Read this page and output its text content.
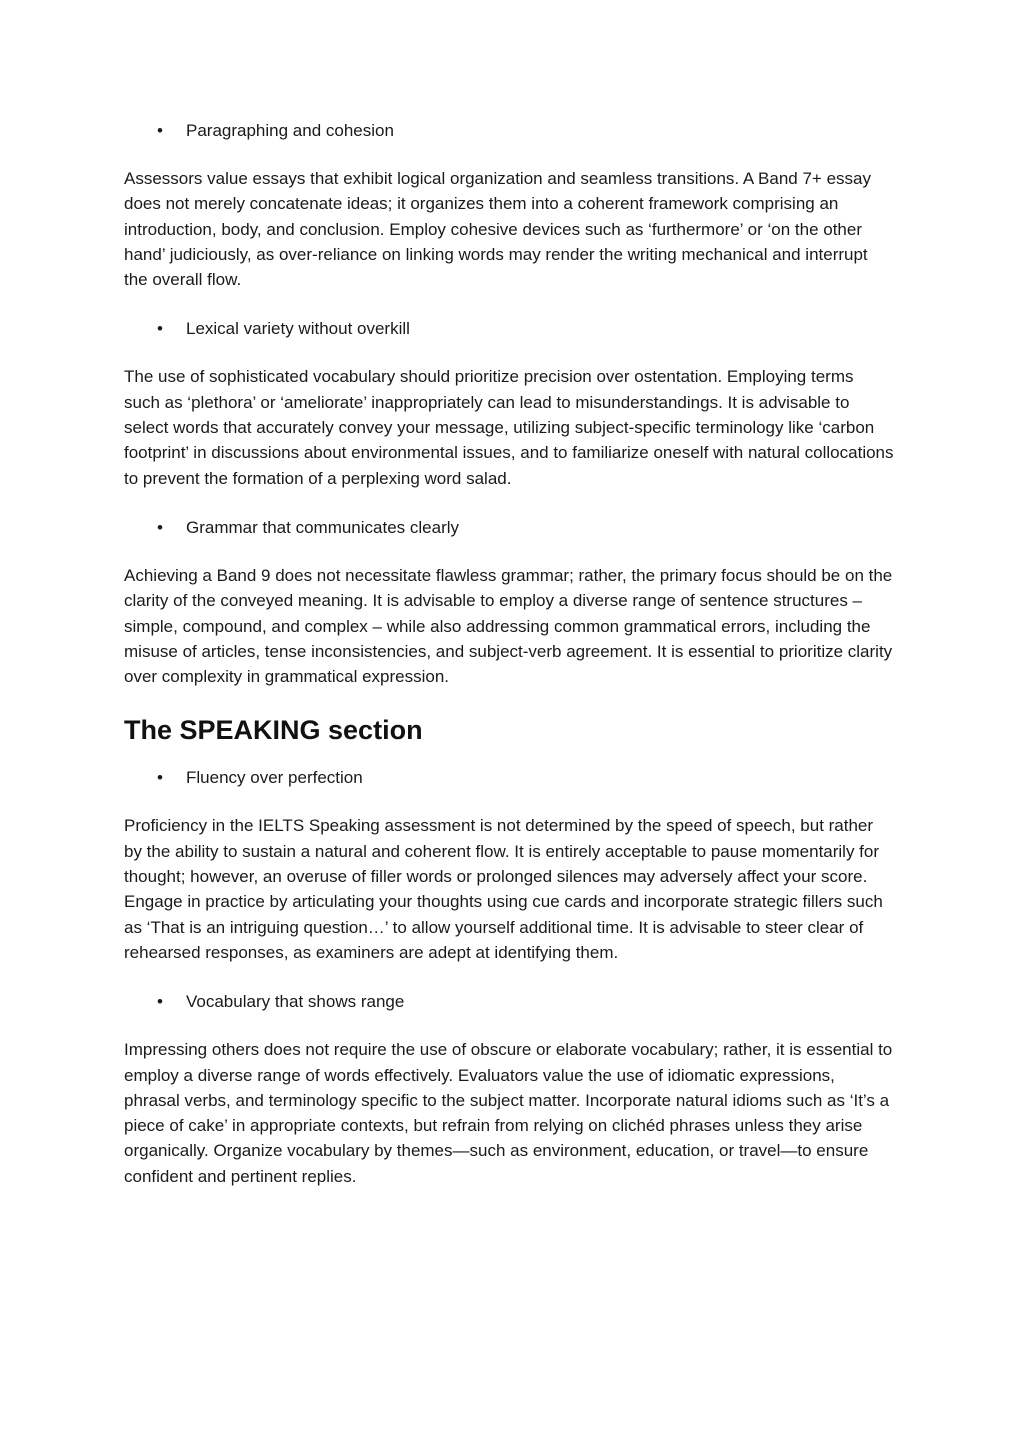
• Paragraphing and cohesion

Assessors value essays that exhibit logical organization and seamless transitions. A Band 7+ essay does not merely concatenate ideas; it organizes them into a coherent framework comprising an introduction, body, and conclusion. Employ cohesive devices such as ‘furthermore’ or ‘on the other hand’ judiciously, as over-reliance on linking words may render the writing mechanical and interrupt the overall flow.

• Lexical variety without overkill

The use of sophisticated vocabulary should prioritize precision over ostentation. Employing terms such as ‘plethora’ or ‘ameliorate’ inappropriately can lead to misunderstandings. It is advisable to select words that accurately convey your message, utilizing subject-specific terminology like ‘carbon footprint’ in discussions about environmental issues, and to familiarize oneself with natural collocations to prevent the formation of a perplexing word salad.

• Grammar that communicates clearly

Achieving a Band 9 does not necessitate flawless grammar; rather, the primary focus should be on the clarity of the conveyed meaning. It is advisable to employ a diverse range of sentence structures – simple, compound, and complex – while also addressing common grammatical errors, including the misuse of articles, tense inconsistencies, and subject-verb agreement. It is essential to prioritize clarity over complexity in grammatical expression.

The SPEAKING section
• Fluency over perfection

Proficiency in the IELTS Speaking assessment is not determined by the speed of speech, but rather by the ability to sustain a natural and coherent flow. It is entirely acceptable to pause momentarily for thought; however, an overuse of filler words or prolonged silences may adversely affect your score. Engage in practice by articulating your thoughts using cue cards and incorporate strategic fillers such as ‘That is an intriguing question…’ to allow yourself additional time. It is advisable to steer clear of rehearsed responses, as examiners are adept at identifying them.

• Vocabulary that shows range

Impressing others does not require the use of obscure or elaborate vocabulary; rather, it is essential to employ a diverse range of words effectively. Evaluators value the use of idiomatic expressions, phrasal verbs, and terminology specific to the subject matter. Incorporate natural idioms such as ‘It’s a piece of cake’ in appropriate contexts, but refrain from relying on clichéd phrases unless they arise organically. Organize vocabulary by themes—such as environment, education, or travel—to ensure confident and pertinent replies.
